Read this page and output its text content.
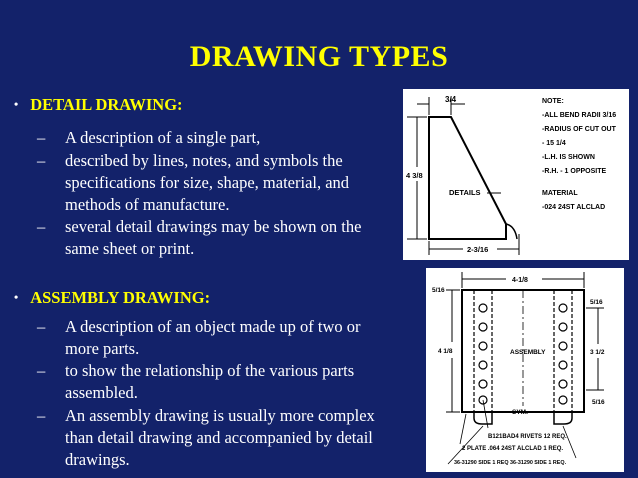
DRAWING TYPES
• DETAIL DRAWING:
– A description of a single part,
– described by lines, notes, and symbols the
specifications for size, shape, material, and
methods of manufacture.
– several detail drawings may be shown on the
same sheet or print.
• ASSEMBLY DRAWING:
– A description of an object made up of two or
more parts.
– to show the relationship of the various parts
assembled.
– An assembly drawing is usually more complex
than detail drawing and accompanied by detail
drawings.
3/4
4 3/8
2-3/16
DETAILS
NOTE:
-ALL BEND RADII 3/16
-RADIUS OF CUT OUT
- 15 1/4
-L.H. IS SHOWN
-R.H. - 1 OPPOSITE
MATERIAL
-024 24ST ALCLAD
4-1/8
5/16
5/16
4 1/8	3 1/2
5/16
ASSEMBLY
SYM.
B121BAD4 RIVETS 12 REQ.
2 PLATE .064 24ST ALCLAD 1 REQ.
36-31290 SIDE 1 REQ 36-31290 SIDE 1 REQ.
